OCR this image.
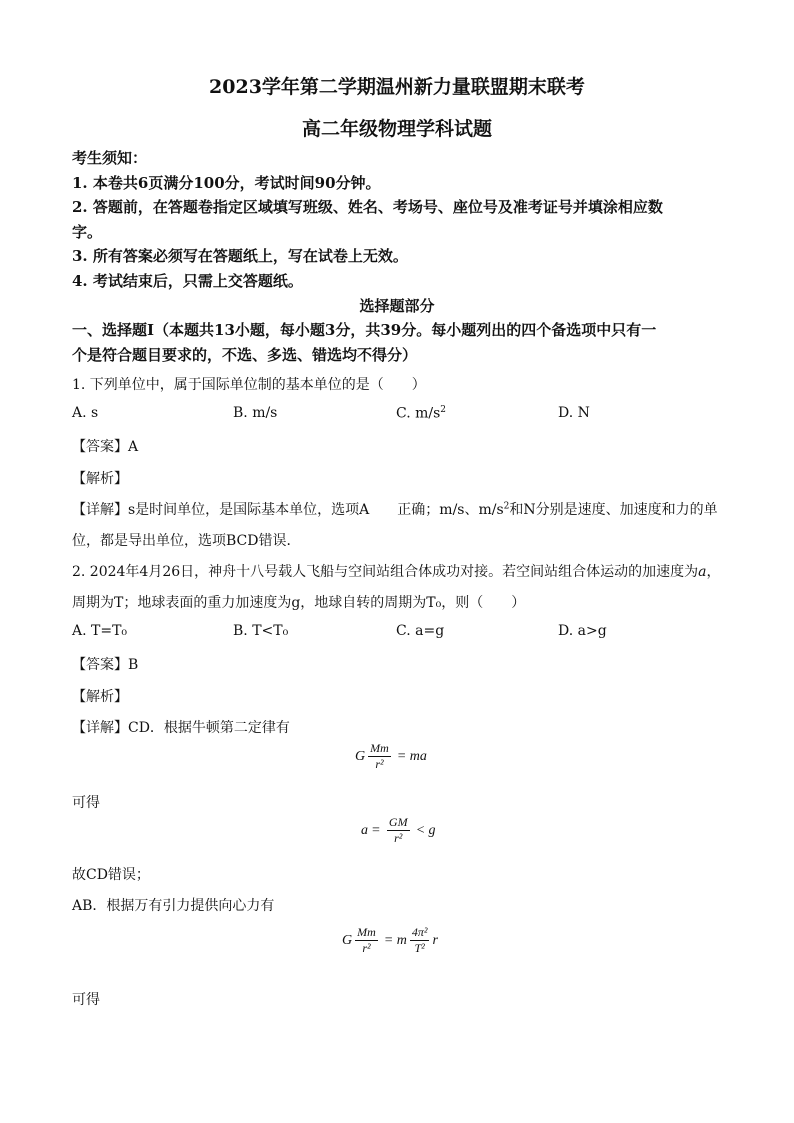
2023学年第二学期温州新力量联盟期末联考
高二年级物理学科试题
考生须知：
1. 本卷共6页满分100分，考试时间90分钟。
2. 答题前，在答题卷指定区域填写班级、姓名、考场号、座位号及准考证号并填涂相应数
字。
3. 所有答案必须写在答题纸上，写在试卷上无效。
4. 考试结束后，只需上交答题纸。
选择题部分
一、选择题Ⅰ（本题共13小题，每小题3分，共39分。每小题列出的四个备选项中只有一
个是符合题目要求的，不选、多选、错选均不得分）
1. 下列单位中，属于国际单位制的基本单位的是（　　）
A. s	B. m/s	C. $m/s^2$	D. N
【答案】A
【解析】
【详解】s是时间单位，是国际基本单位，选项A　　正确；m/s、$m/s^2$和N分别是速度、加速度和力的单
位，都是导出单位，选项BCD错误．
2. 2024年4月26日，神舟十八号载人飞船与空间站组合体成功对接。若空间站组合体运动的加速度为a，
周期为T；地球表面的重力加速度为g，地球自转的周期为T₀，则（　　）
A. T=T₀	B. T<T₀	C. a=g	D. a>g
【答案】B
【解析】
【详解】CD．根据牛顿第二定律有
G $\frac{Mm}{\text{r²}}$ = ma
可得
$a = \frac{GM}{\text{r²}} < g$
故CD错误；
AB．根据万有引力提供向心力有
G $\frac{Mm}{\text{r²}} = m \frac{\text{4π²}}{\text{T²}}$ r
可得
